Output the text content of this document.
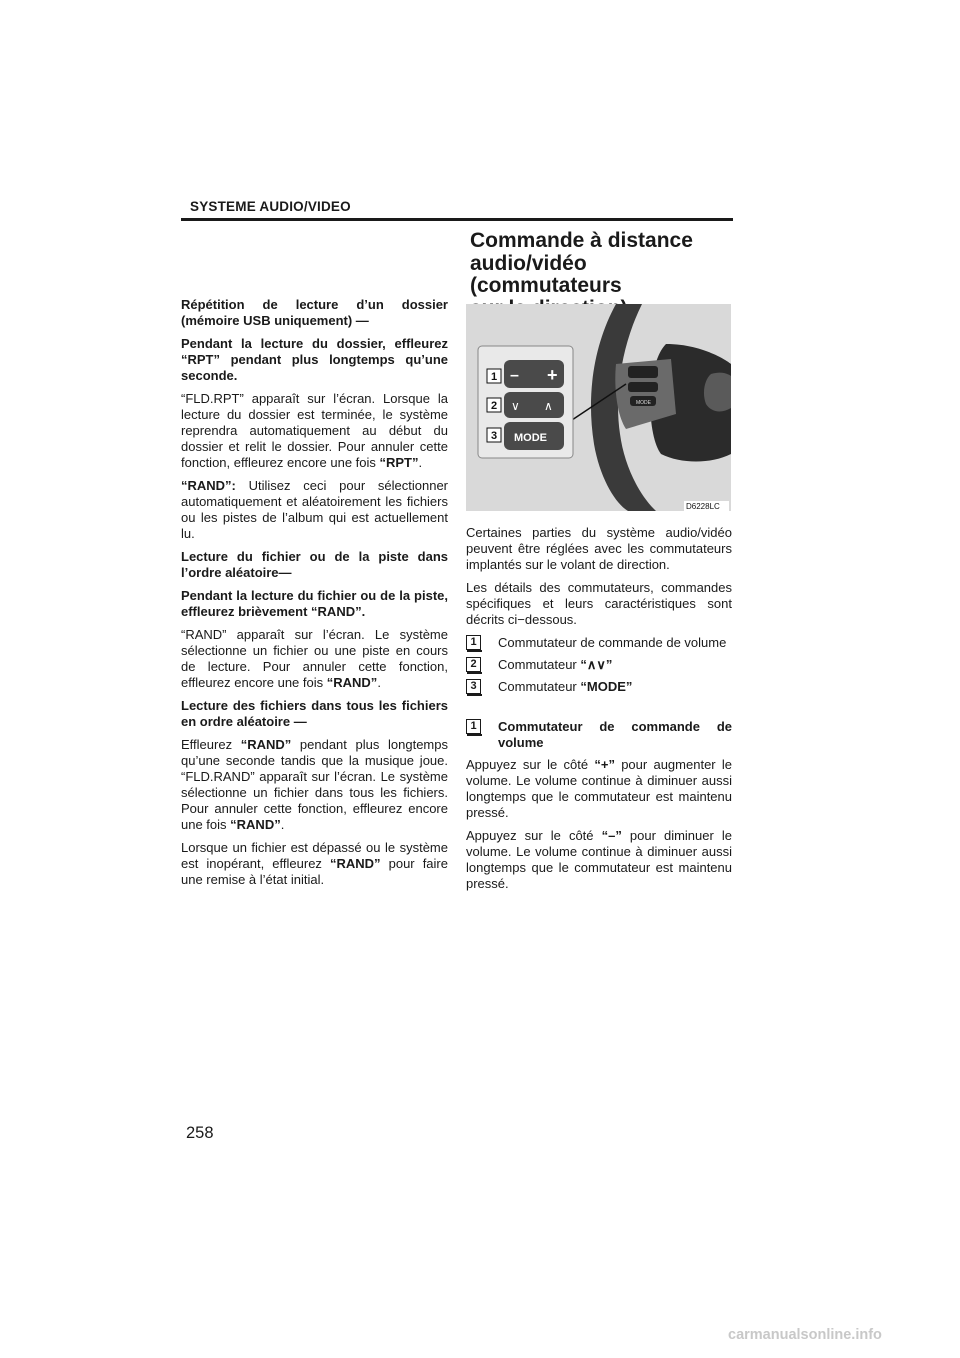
SYSTEME AUDIO/VIDEO
Commande à distance
audio/vidéo (commutateurs

Répétition de lecture d’un dossier (mémoire USB uniquement) —

Pendant la lecture du dossier, effleurez “RPT” pendant plus longtemps qu’une seconde.

“FLD.RPT” apparaît sur l’écran. Lorsque la lecture du dossier est terminée, le système reprendra automatiquement au début du dossier et relit le dossier. Pour annuler cette fonction, effleurez encore une fois “RPT”.

“RAND”: Utilisez ceci pour sélectionner automatiquement et aléatoirement les fichiers ou les pistes de l’album qui est actuellement lu.

Lecture du fichier ou de la piste dans l’ordre aléatoire—

Pendant la lecture du fichier ou de la piste, effleurez brièvement “RAND”.

“RAND” apparaît sur l’écran. Le système sélectionne un fichier ou une piste en cours de lecture. Pour annuler cette fonction, effleurez encore une fois “RAND”.

Lecture des fichiers dans tous les fichiers en ordre aléatoire —

Effleurez “RAND” pendant plus longtemps qu’une seconde tandis que la musique joue. “FLD.RAND” apparaît sur l’écran. Le système sélectionne un fichier dans tous les fichiers. Pour annuler cette fonction, effleurez encore une fois “RAND”.

Lorsque un fichier est dépassé ou le système est inopérant, effleurez “RAND” pour faire une remise à l’état initial.

MODE
– +
∨ ∧
MODE
1
2
3
D6228LC

Certaines parties du système audio/vidéo peuvent être réglées avec les commutateurs implantés sur le volant de direction.

Les détails des commutateurs, commandes spécifiques et leurs caractéristiques sont décrits ci−dessous.

1	Commutateur de commande de volume
2	Commutateur “∧∨”
3	Commutateur “MODE”
1	Commutateur de commande de volume

Appuyez sur le côté “+” pour augmenter le volume. Le volume continue à diminuer aussi longtemps que le commutateur est maintenu pressé.

Appuyez sur le côté “–” pour diminuer le volume. Le volume continue à diminuer aussi longtemps que le commutateur est maintenu pressé.

258
carmanualsonline.info
